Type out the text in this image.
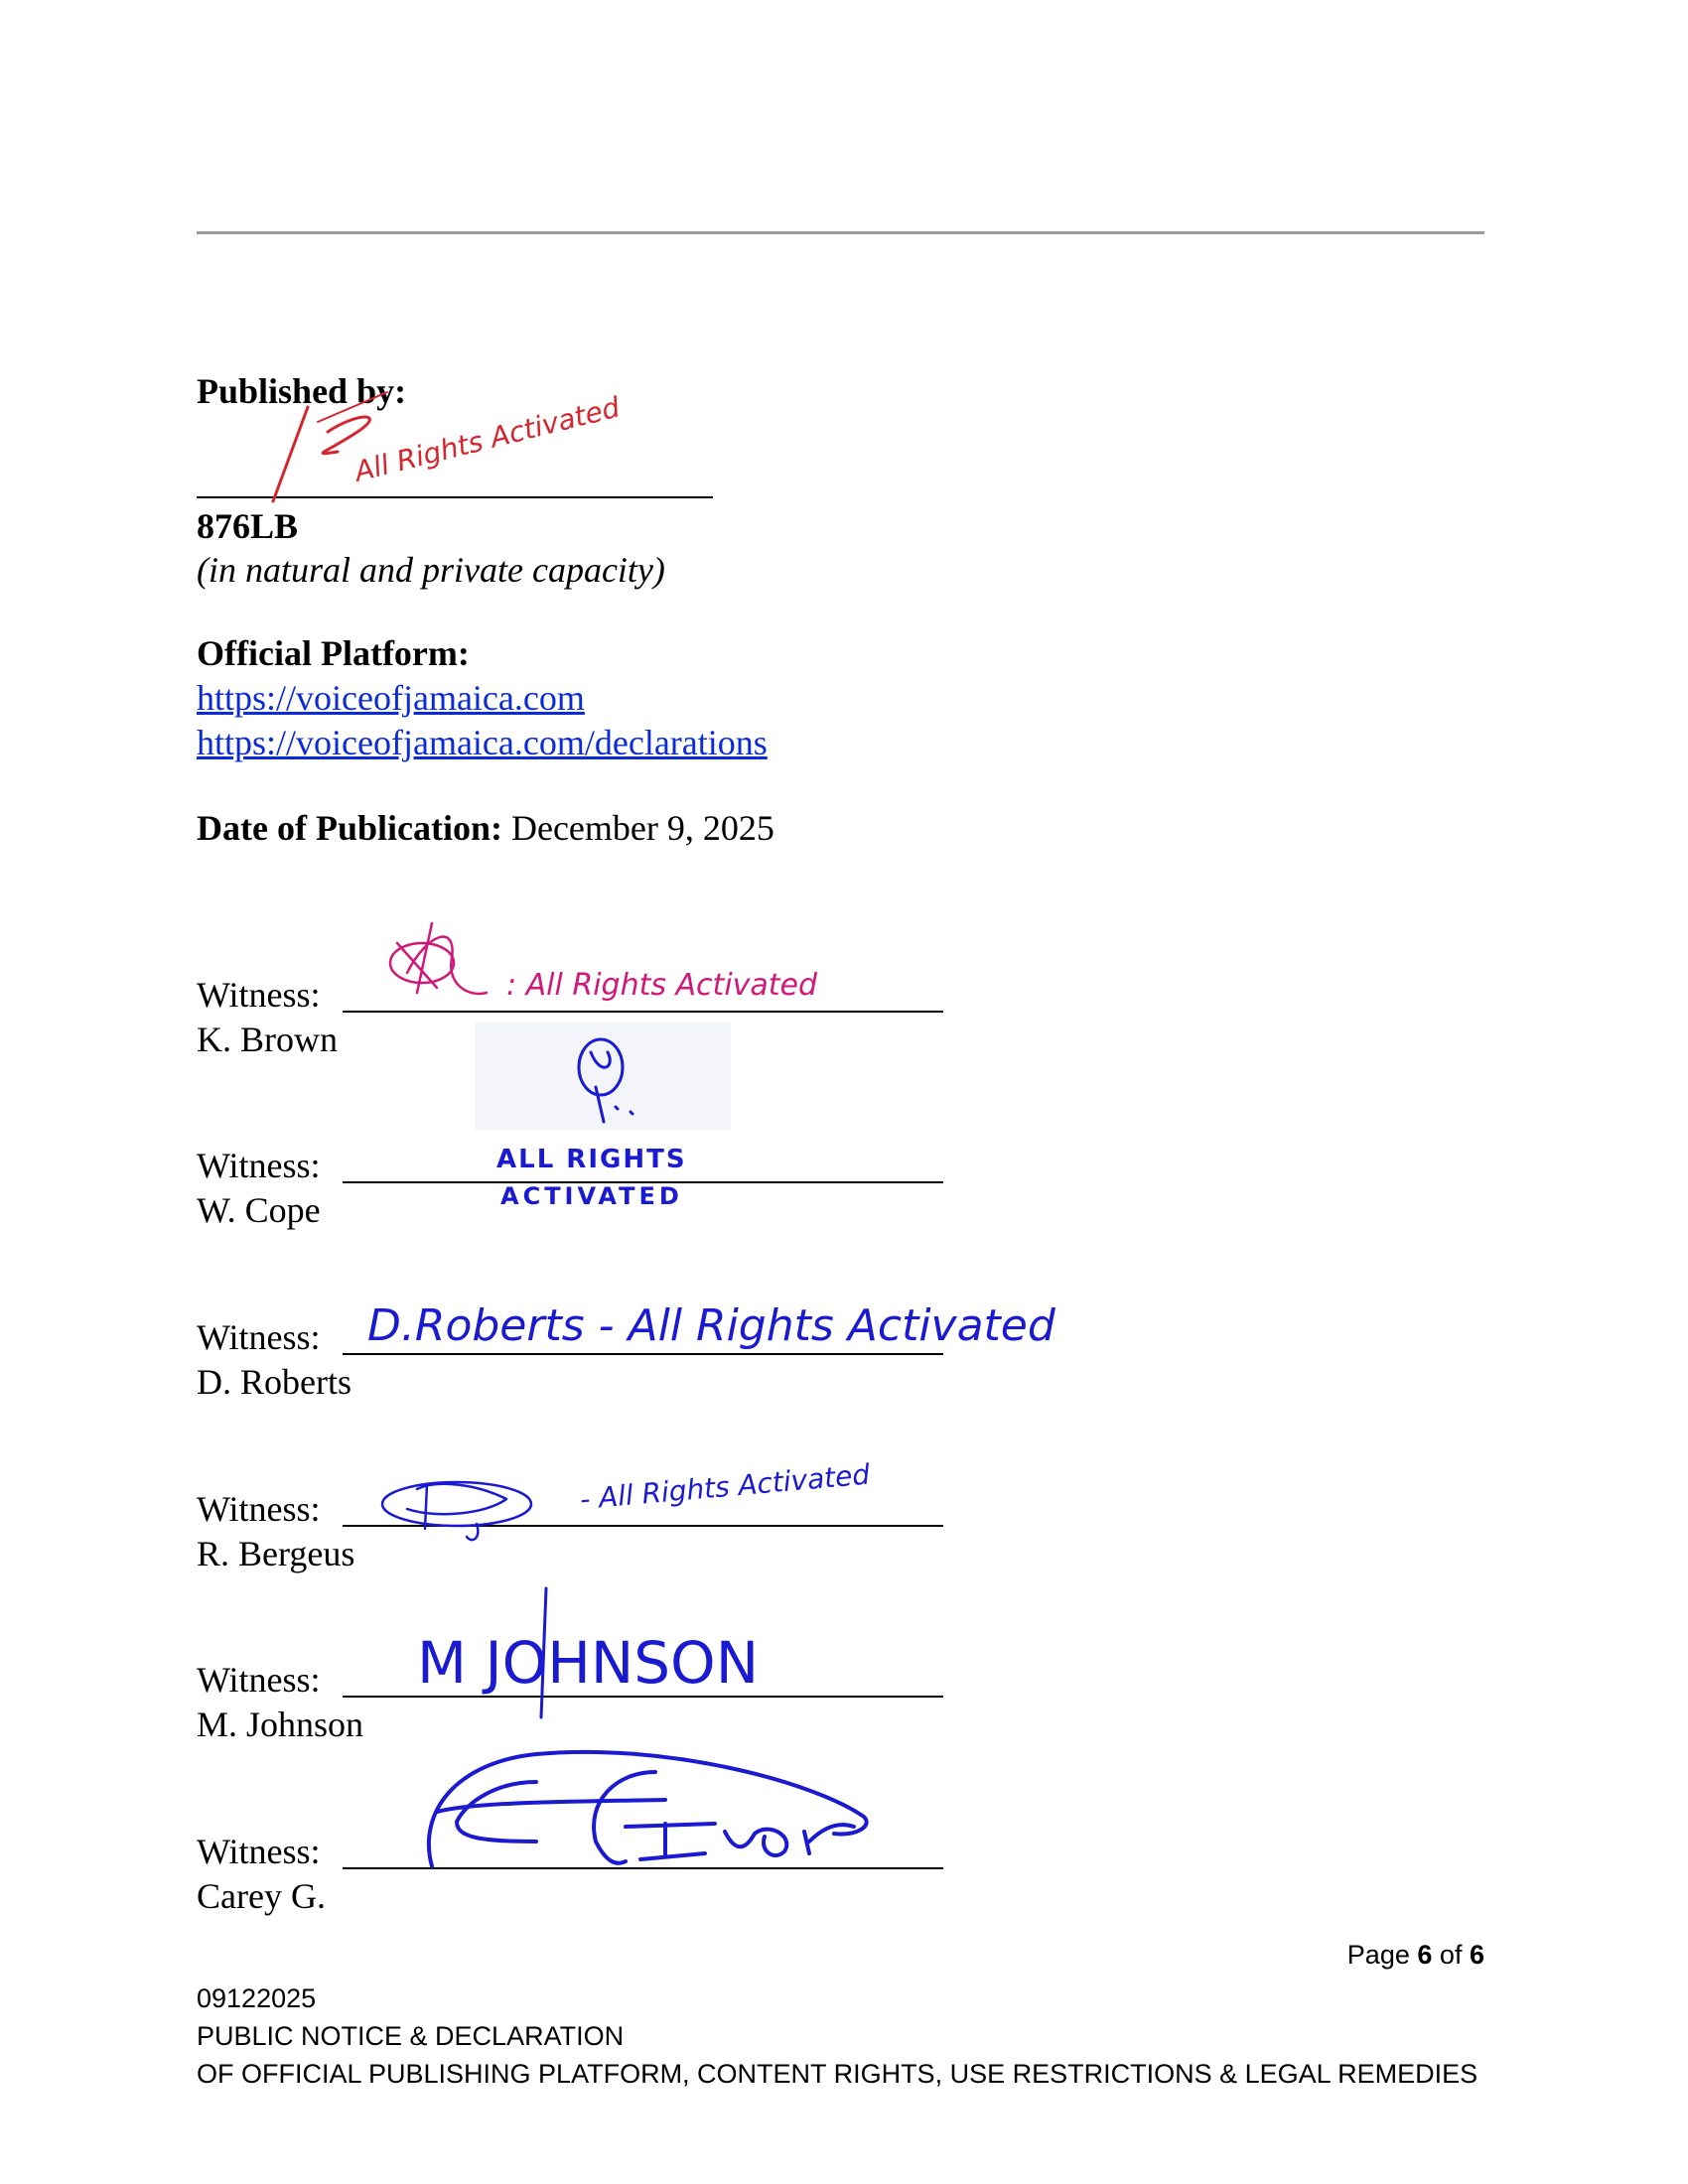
Published by:
All Rights Activated
876LB
(in natural and private capacity)
Official Platform:
https://voiceofjamaica.com
https://voiceofjamaica.com/declarations
Date of Publication: December 9, 2025
Witness:
K. Brown
: All Rights Activated
Witness:
W. Cope
ALL RIGHTS
ACTIVATED
Witness:
D. Roberts
D.Roberts - All Rights Activated
Witness:
R. Bergeus
- All Rights Activated
Witness:
M. Johnson
M JOHNSON
Witness:
Carey G.
Page 6 of 6
09122025
PUBLIC NOTICE & DECLARATION
OF OFFICIAL PUBLISHING PLATFORM, CONTENT RIGHTS, USE RESTRICTIONS & LEGAL REMEDIES
